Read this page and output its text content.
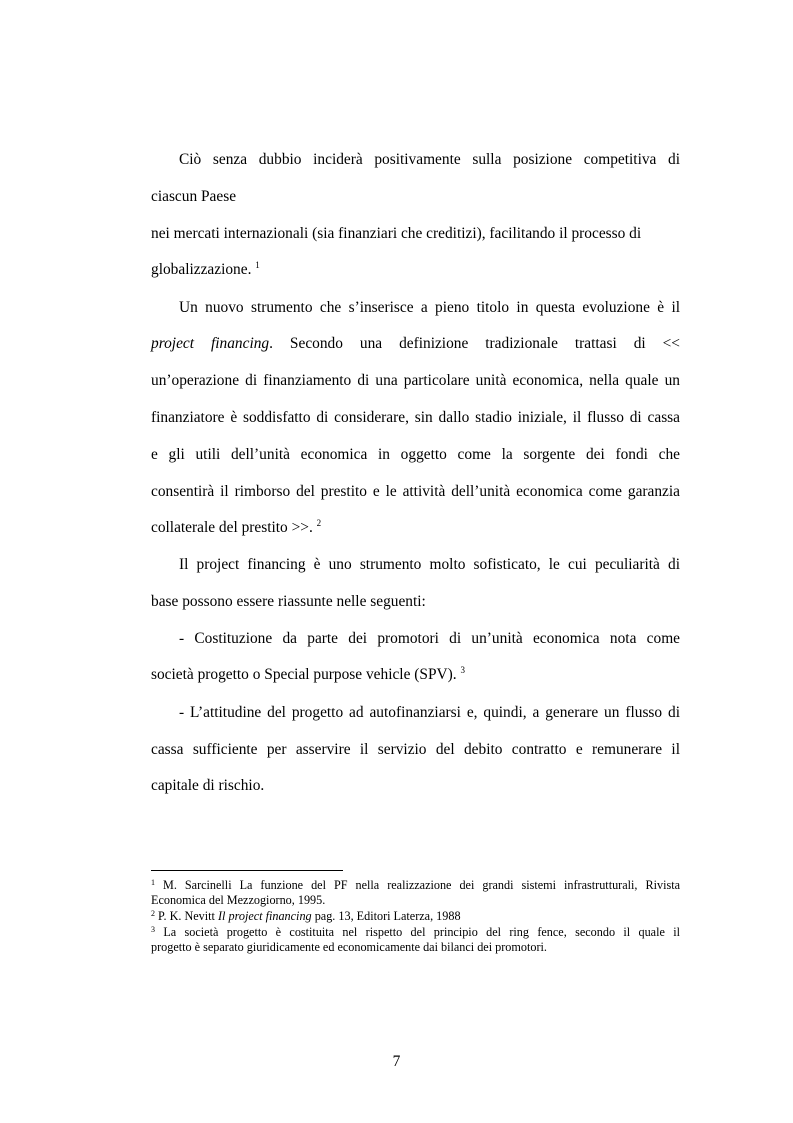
Ciò senza dubbio inciderà positivamente sulla posizione competitiva di
ciascun Paese
nei mercati internazionali (sia finanziari che creditizi), facilitando il processo di
globalizzazione. $^1$
Un nuovo strumento che s’inserisce a pieno titolo in questa evoluzione è il
project financing. Secondo una definizione tradizionale trattasi di <<
un’operazione di finanziamento di una particolare unità economica, nella quale un
finanziatore è soddisfatto di considerare, sin dallo stadio iniziale, il flusso di cassa
e gli utili dell’unità economica in oggetto come la sorgente dei fondi che
consentirà il rimborso del prestito e le attività dell’unità economica come garanzia
collaterale del prestito >>. $^2$
Il project financing è uno strumento molto sofisticato, le cui peculiarità di
base possono essere riassunte nelle seguenti:
- Costituzione da parte dei promotori di un’unità economica nota come
società progetto o Special purpose vehicle (SPV). $^3$
- L’attitudine del progetto ad autofinanziarsi e, quindi, a generare un flusso di
cassa sufficiente per asservire il servizio del debito contratto e remunerare il
capitale di rischio.
$^1$ M. Sarcinelli La funzione del PF nella realizzazione dei grandi sistemi infrastrutturali, Rivista
Economica del Mezzogiorno, 1995.
$^2$ P. K. Nevitt Il project financing pag. 13, Editori Laterza, 1988
$^3$ La società progetto è costituita nel rispetto del principio del ring fence, secondo il quale il
progetto è separato giuridicamente ed economicamente dai bilanci dei promotori.
7
